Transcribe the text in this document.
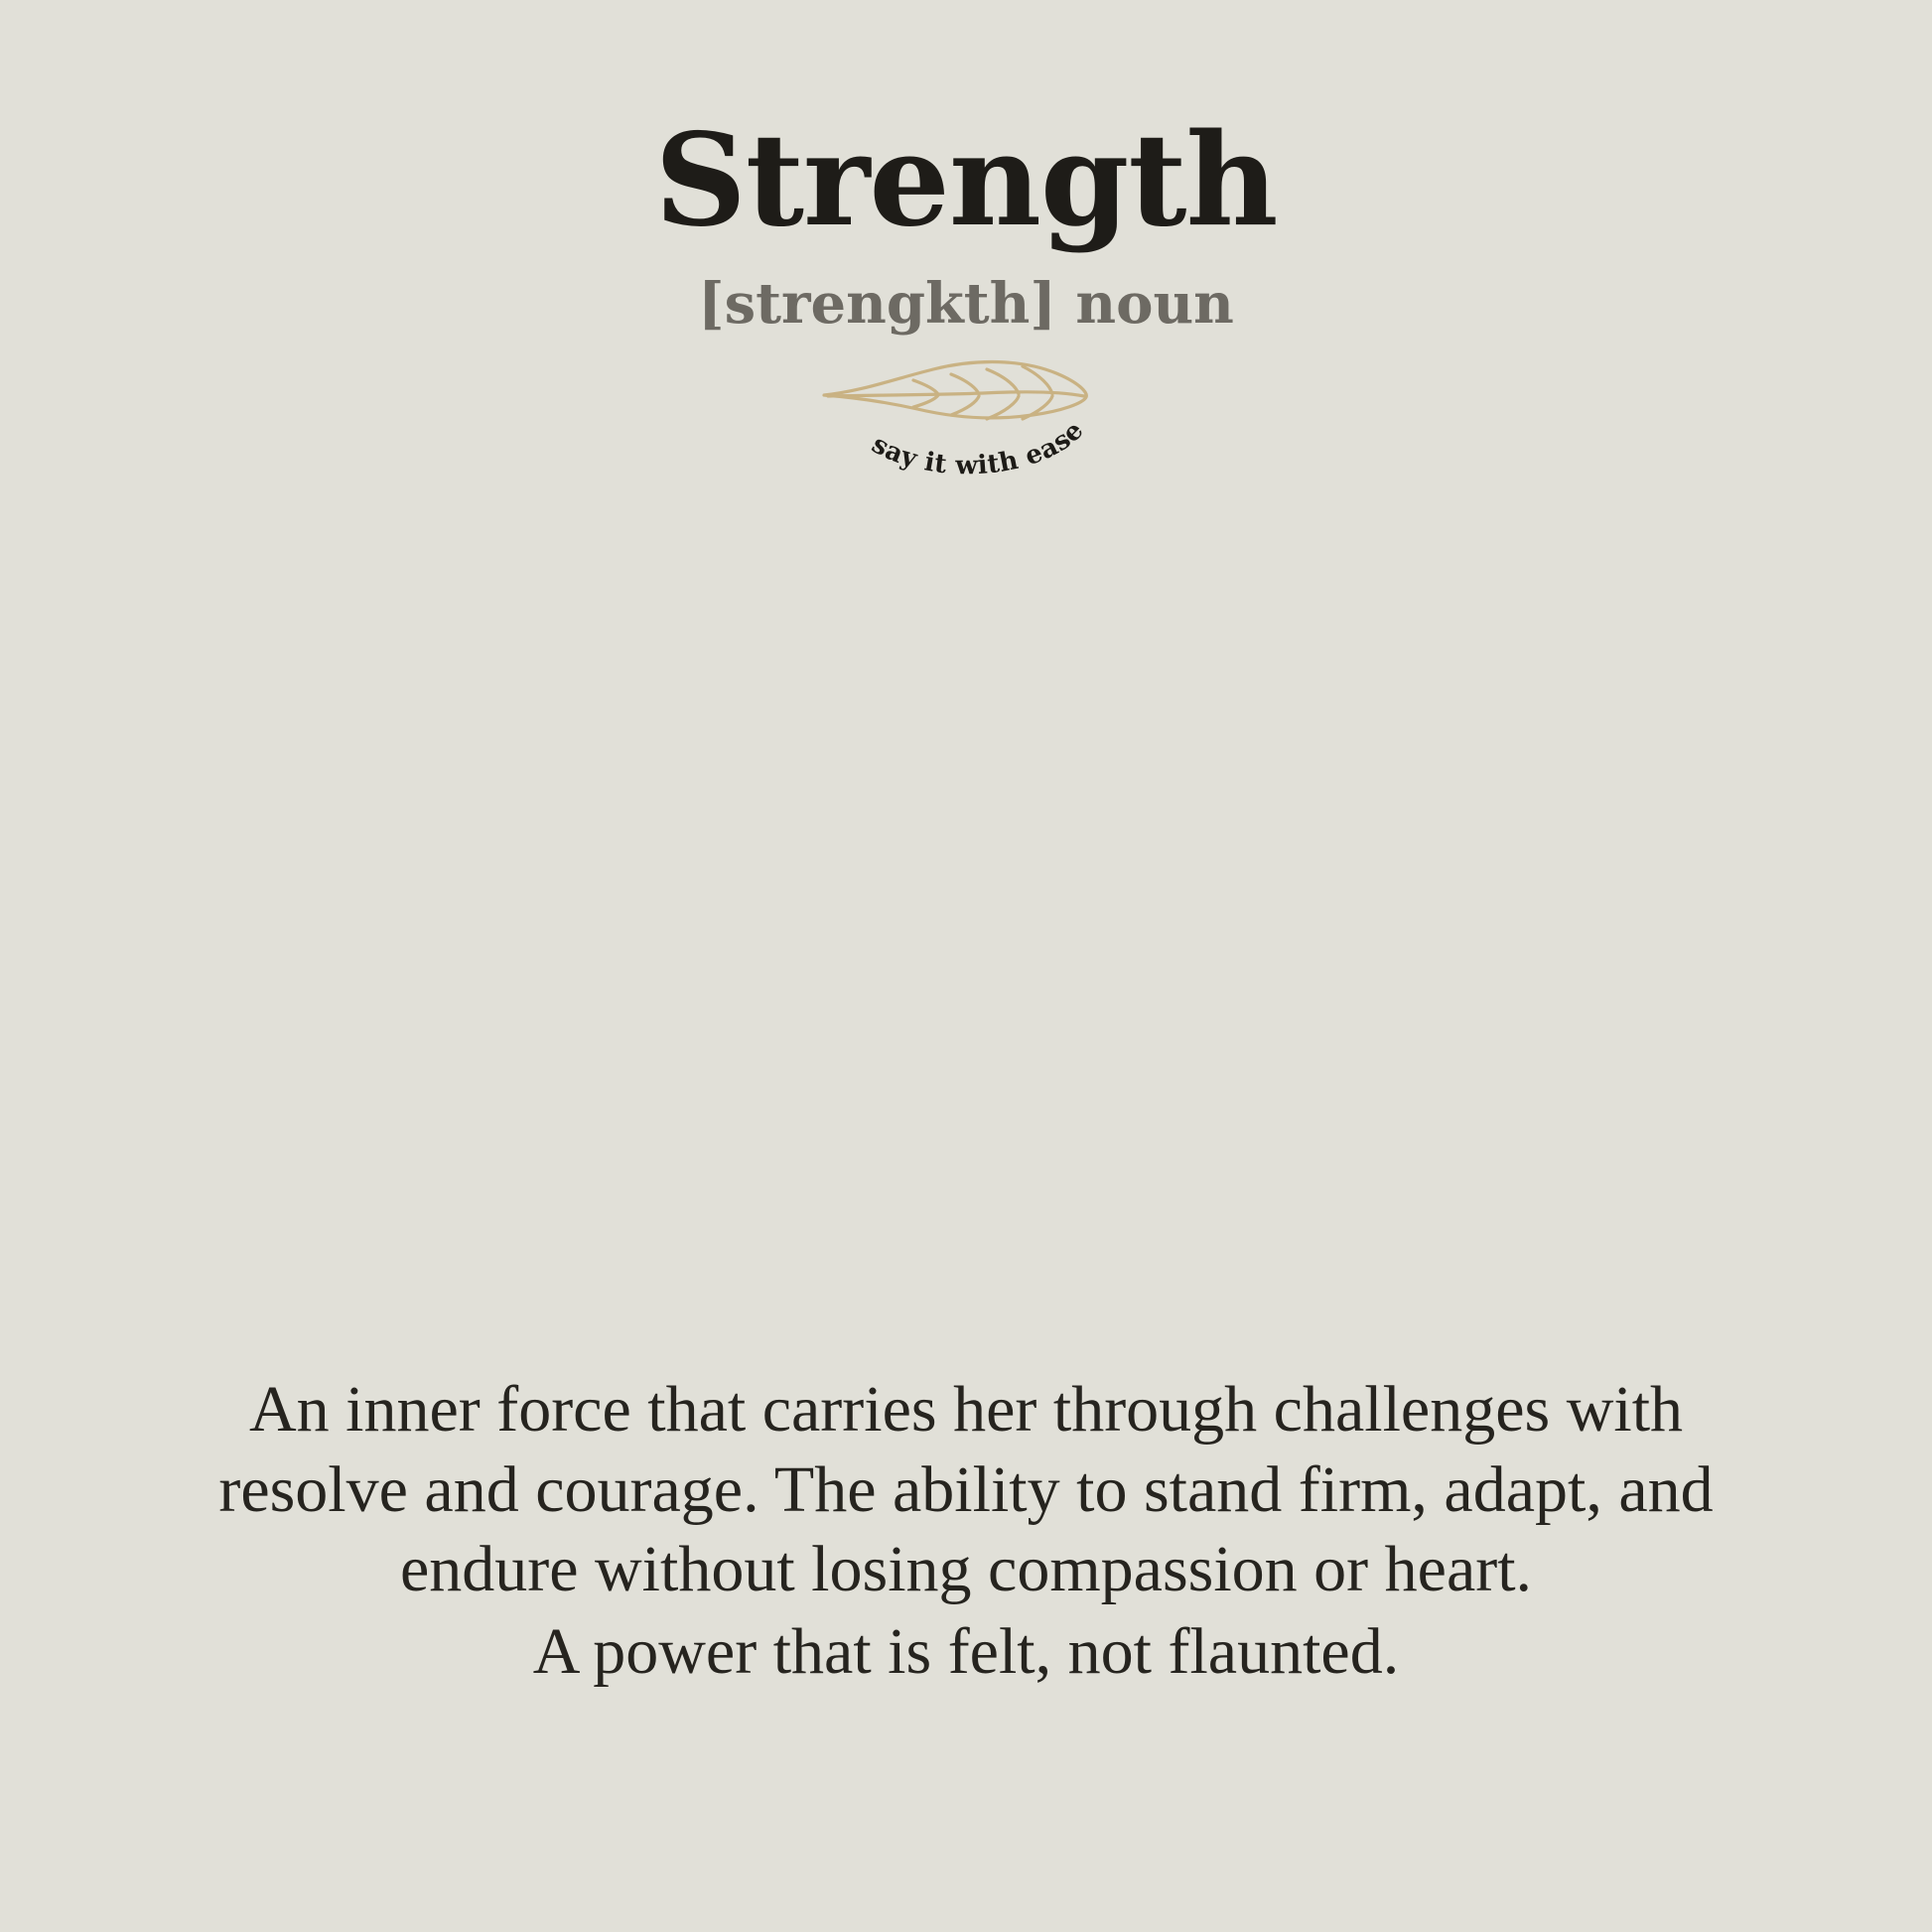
Strength
[strengkth] noun
say it with ease
An inner force that carries her through challenges with
resolve and courage. The ability to stand firm, adapt, and
endure without losing compassion or heart.
A power that is felt, not flaunted.
